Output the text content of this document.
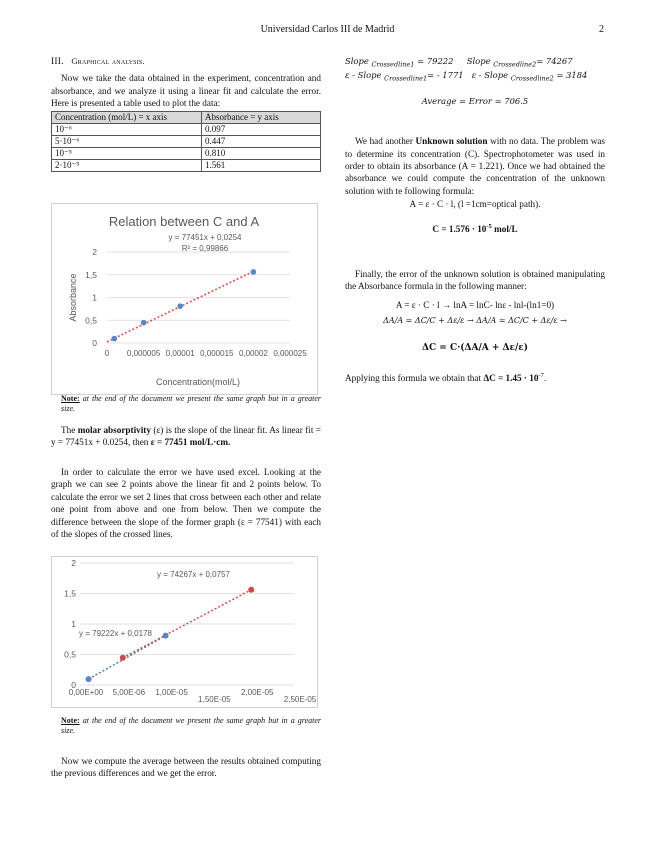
Universidad Carlos III de Madrid	2

III. Graphical analysis.

Now we take the data obtained in the experiment, concentration and absorbance, and we analyze it using a linear fit and calculate the error. Here is presented a table used to plot the data:

Concentration (mol/L) = x axis	Absorbance = y axis
10⁻⁶	0.097
5·10⁻⁶	0.447
10⁻⁵	0.810
2·10⁻⁵	1.561
Relation between C and A
0
0,5
1
1,5
2
0 0,000005 0,00001 0,000015 0,00002 0,000025
Concentration(mol/L)
Absorbance
y = 77451x + 0,0254
R² = 0,99866

Note: at the end of the document we present the same graph but in a greater size.

The molar absorptivity (ε) is the slope of the linear fit. As linear fit = y = 77451x + 0.0254, then ε = 77451 mol/L·cm.

In order to calculate the error we have used excel. Looking at the graph we can see 2 points above the linear fit and 2 points below. To calculate the error we set 2 lines that cross between each other and relate one point from above and one from below. Then we compute the difference between the slope of the former graph (ε = 77541) with each of the slopes of the crossed lines.

0
0,5
1
1,5
2
0,00E+00 5,00E-06 1,00E-05
1,50E-05
2,00E-05
2,50E-05
y = 74267x + 0,0757
y = 79222x + 0,0178

Note: at the end of the document we present the same graph but in a greater size.

Now we compute the average between the results obtained computing the previous differences and we get the error.

Slope $_{Crossedline1}$ = 79222 Slope $_{Crossedline2}$= 74267
ε - Slope $_{Crossedline1}$= - 1771 ε - Slope $_{Crossedline2}$ = 3184

Average = Error = 706.5

We had another Unknown solution with no data. The problem was to determine its concentration (C). Spectrophotometer was used in order to obtain its absorbance (A = 1.221). Once we had obtained the absorbance we could compute the concentration of the unknown solution with te following formula:

A = ε · C · l, (l =1cm=optical path).

$C = 1.576 \cdot 10^{-5}$ mol/L

Finally, the error of the unknown solution is obtained manipulating the Absorbance formula in the following manner:

A = ε · C · l → lnA = lnC- lnε - lnl-(ln1=0)

ΔA/A = ΔC/C + Δε/ε → ΔA/A = ΔC/C + Δε/ε →

ΔC = C·(ΔA/A + Δε/ε)

Applying this formula we obtain that $\Delta C = 1.45 \cdot 10^{-7}$.
